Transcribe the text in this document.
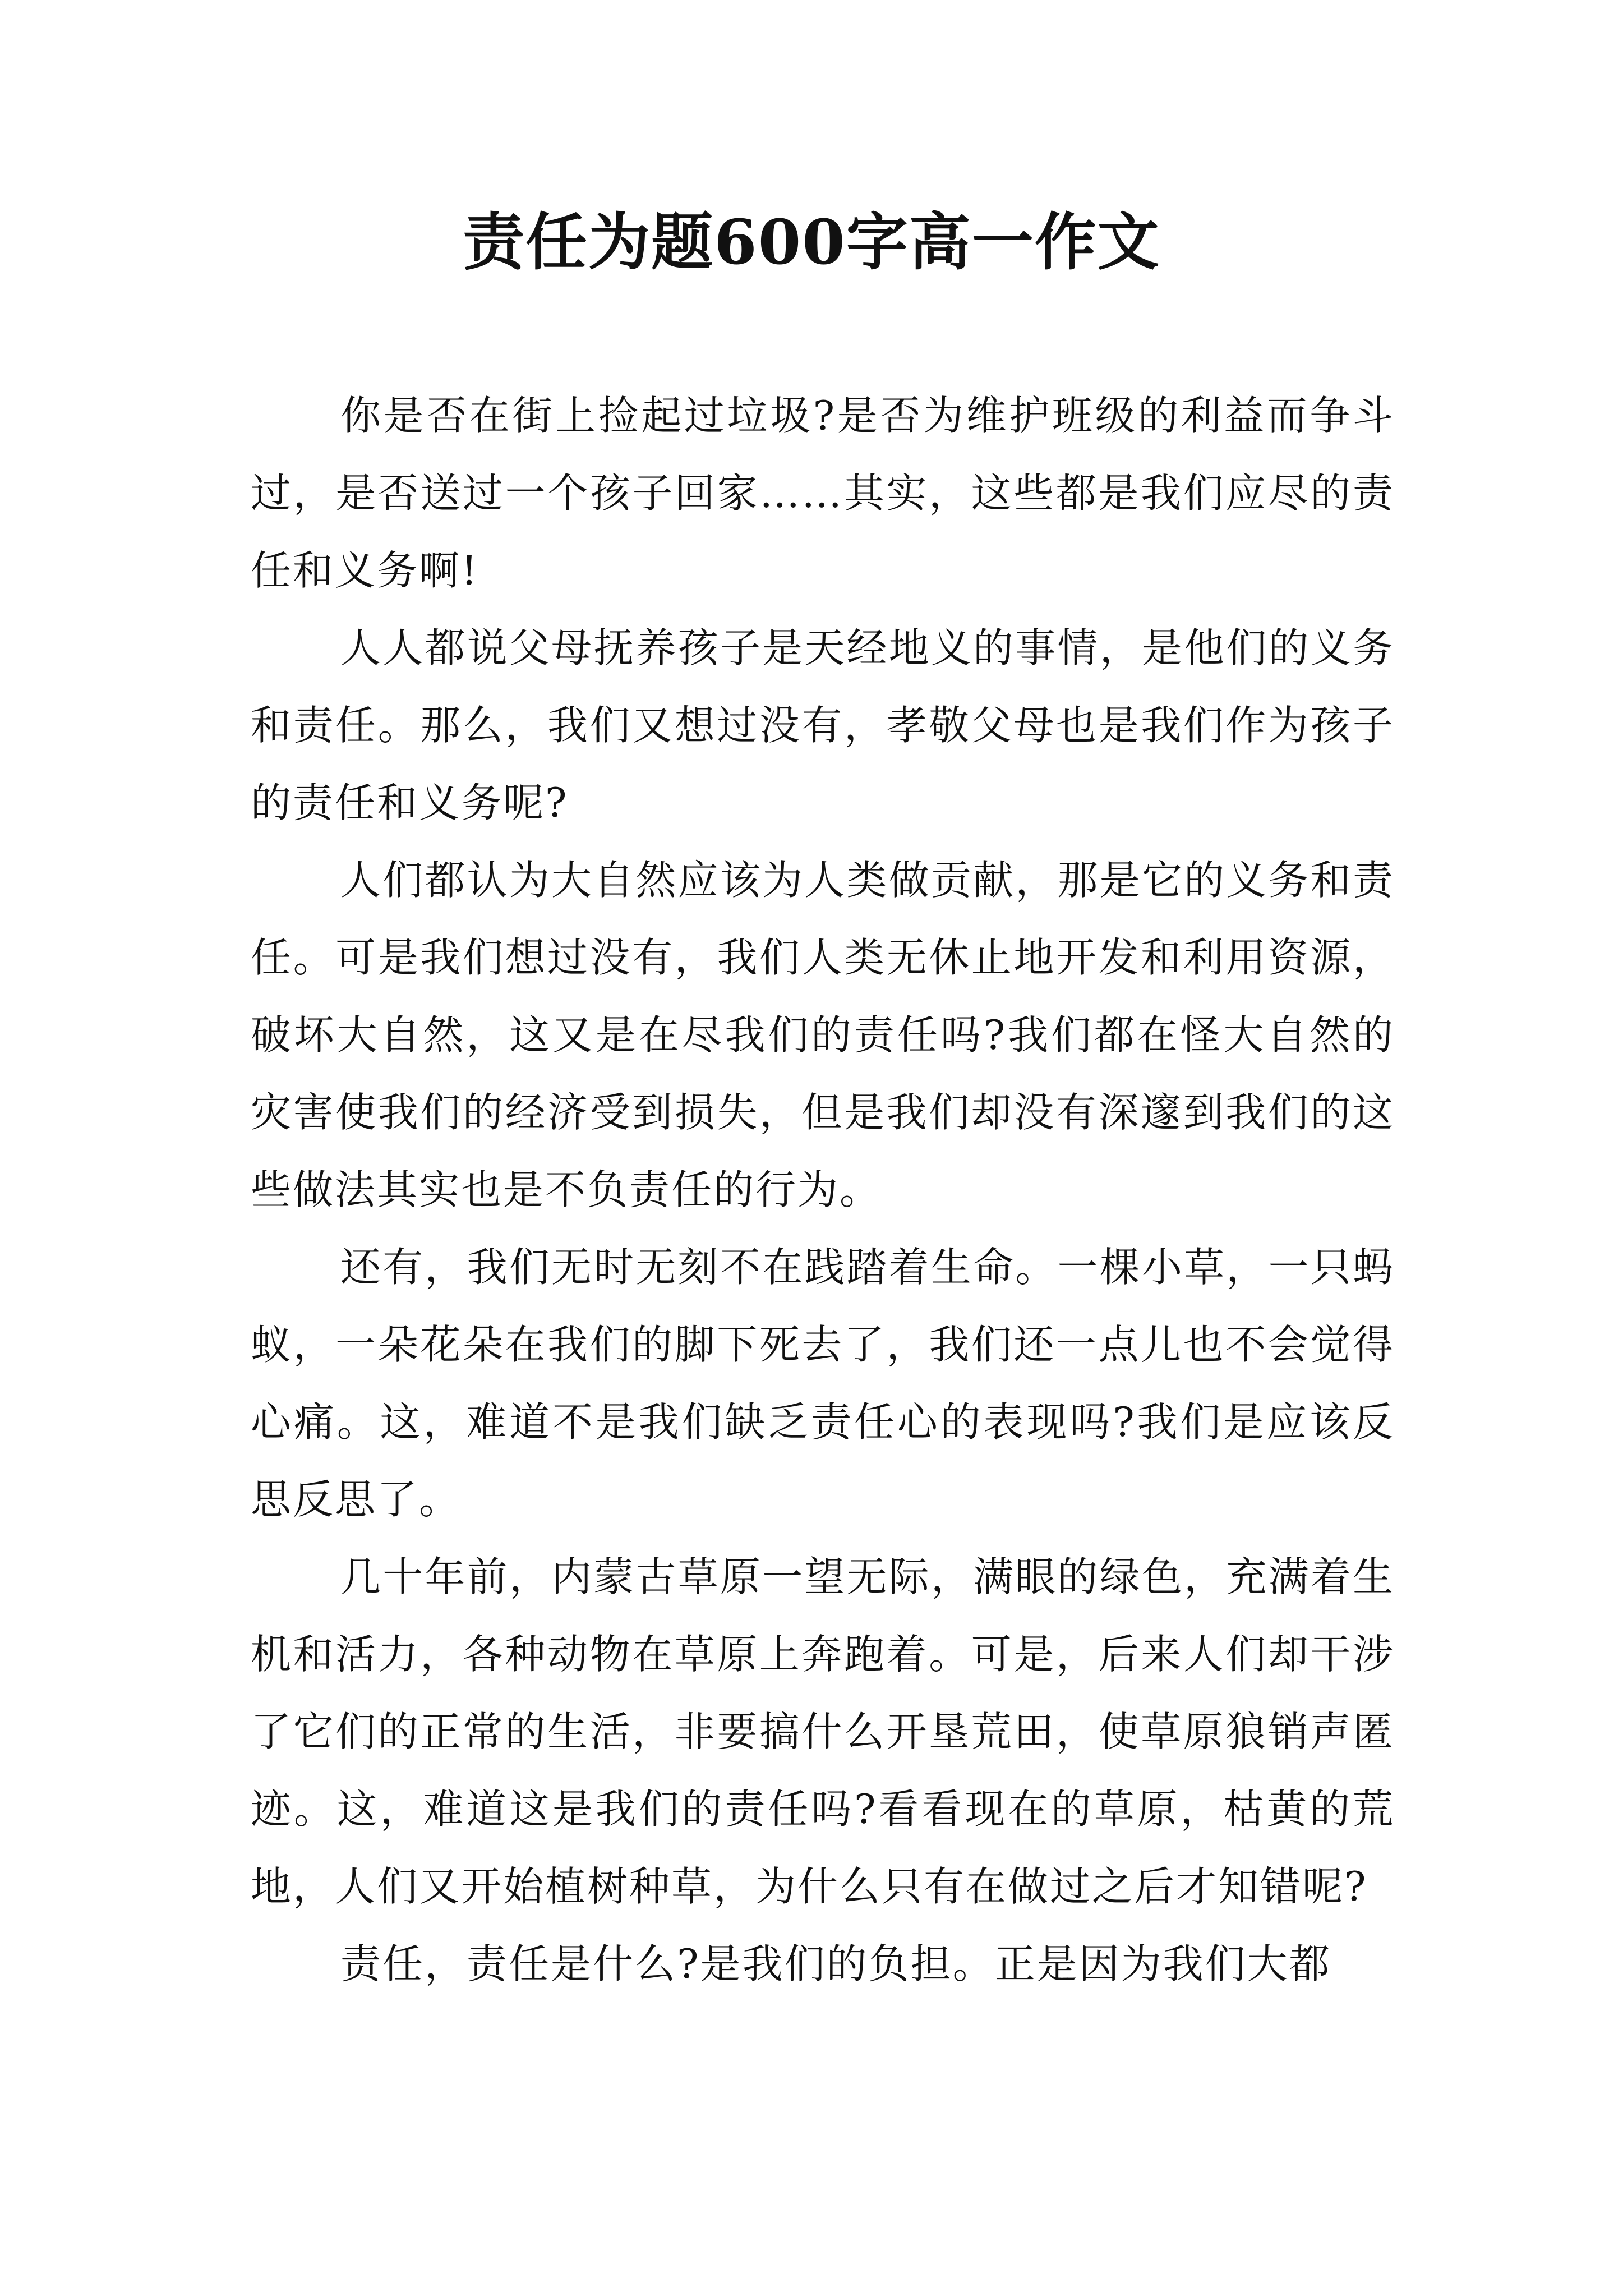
责任为题600字高一作文

你是否在街上捡起过垃圾?是否为维护班级的利益而争斗过，是否送过一个孩子回家……其实，这些都是我们应尽的责任和义务啊!

人人都说父母抚养孩子是天经地义的事情，是他们的义务和责任。那么，我们又想过没有，孝敬父母也是我们作为孩子的责任和义务呢?

人们都认为大自然应该为人类做贡献，那是它的义务和责任。可是我们想过没有，我们人类无休止地开发和利用资源，破坏大自然，这又是在尽我们的责任吗?我们都在怪大自然的灾害使我们的经济受到损失，但是我们却没有深邃到我们的这些做法其实也是不负责任的行为。

还有，我们无时无刻不在践踏着生命。一棵小草，一只蚂蚁，一朵花朵在我们的脚下死去了，我们还一点儿也不会觉得心痛。这，难道不是我们缺乏责任心的表现吗?我们是应该反思反思了。

几十年前，内蒙古草原一望无际，满眼的绿色，充满着生机和活力，各种动物在草原上奔跑着。可是，后来人们却干涉了它们的正常的生活，非要搞什么开垦荒田，使草原狼销声匿迹。这，难道这是我们的责任吗?看看现在的草原，枯黄的荒地，人们又开始植树种草，为什么只有在做过之后才知错呢?

责任，责任是什么?是我们的负担。正是因为我们大都
